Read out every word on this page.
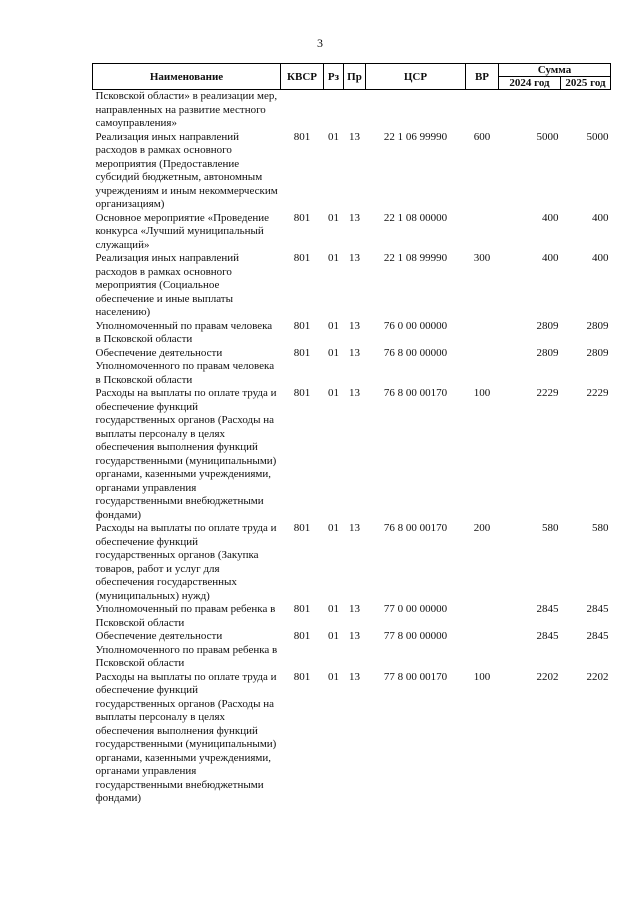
3
Наименование	КВСР	Рз	Пр	ЦСР	ВР	Сумма	
						2024 год	2025 год
Псковской области» в реализации мер, направленных на развитие местного самоуправления»							
Реализация иных направлений расходов в рамках основного мероприятия (Предоставление субсидий бюджетным, автономным учреждениям и иным некоммерческим организациям)	801	01	13	22 1 06 99990	600	5000	5000
Основное мероприятие «Проведение конкурса «Лучший муниципальный служащий»	801	01	13	22 1 08 00000		400	400
Реализация иных направлений расходов в рамках основного мероприятия (Социальное обеспечение и иные выплаты населению)	801	01	13	22 1 08 99990	300	400	400
Уполномоченный по правам человека в Псковской области	801	01	13	76 0 00 00000		2809	2809
Обеспечение деятельности Уполномоченного по правам человека в Псковской области	801	01	13	76 8 00 00000		2809	2809
Расходы на выплаты по оплате труда и обеспечение функций государственных органов (Расходы на выплаты персоналу в целях обеспечения выполнения функций государственными (муниципальными) органами, казенными учреждениями, органами управления государственными внебюджетными фондами)	801	01	13	76 8 00 00170	100	2229	2229
Расходы на выплаты по оплате труда и обеспечение функций государственных органов (Закупка товаров, работ и услуг для обеспечения государственных (муниципальных) нужд)	801	01	13	76 8 00 00170	200	580	580
Уполномоченный по правам ребенка в Псковской области	801	01	13	77 0 00 00000		2845	2845
Обеспечение деятельности Уполномоченного по правам ребенка в Псковской области	801	01	13	77 8 00 00000		2845	2845
Расходы на выплаты по оплате труда и обеспечение функций государственных органов (Расходы на выплаты персоналу в целях обеспечения выполнения функций государственными (муниципальными) органами, казенными учреждениями, органами управления государственными внебюджетными фондами)	801	01	13	77 8 00 00170	100	2202	2202
